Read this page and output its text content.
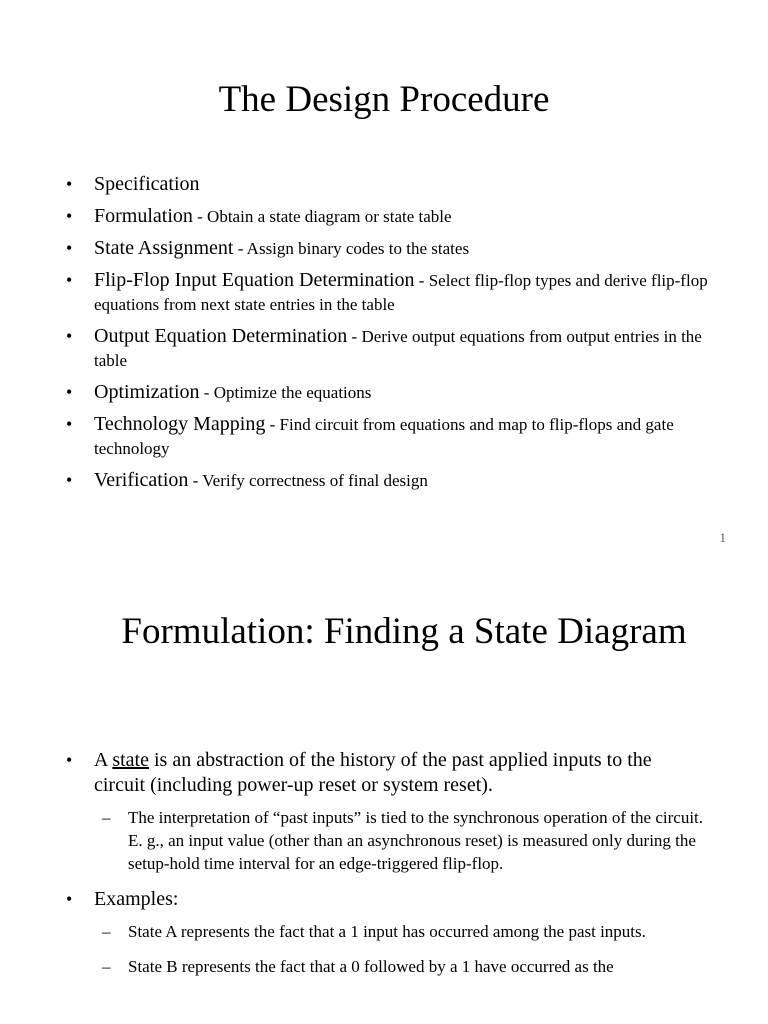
The Design Procedure
• Specification
• Formulation - Obtain a state diagram or state table
• State Assignment - Assign binary codes to the states
• Flip-Flop Input Equation Determination - Select flip-flop types and derive flip-flop equations from next state entries in the table
• Output Equation Determination - Derive output equations from output entries in the table
• Optimization - Optimize the equations
• Technology Mapping - Find circuit from equations and map to flip-flops and gate technology
• Verification - Verify correctness of final design
1
Formulation: Finding a State Diagram
• A state is an abstraction of the history of the past applied inputs to the circuit (including power-up reset or system reset).
– The interpretation of “past inputs” is tied to the synchronous operation of the circuit. E. g., an input value (other than an asynchronous reset) is measured only during the setup-hold time interval for an edge-triggered flip-flop.
• Examples:
– State A represents the fact that a 1 input has occurred among the past inputs.
– State B represents the fact that a 0 followed by a 1 have occurred as the
